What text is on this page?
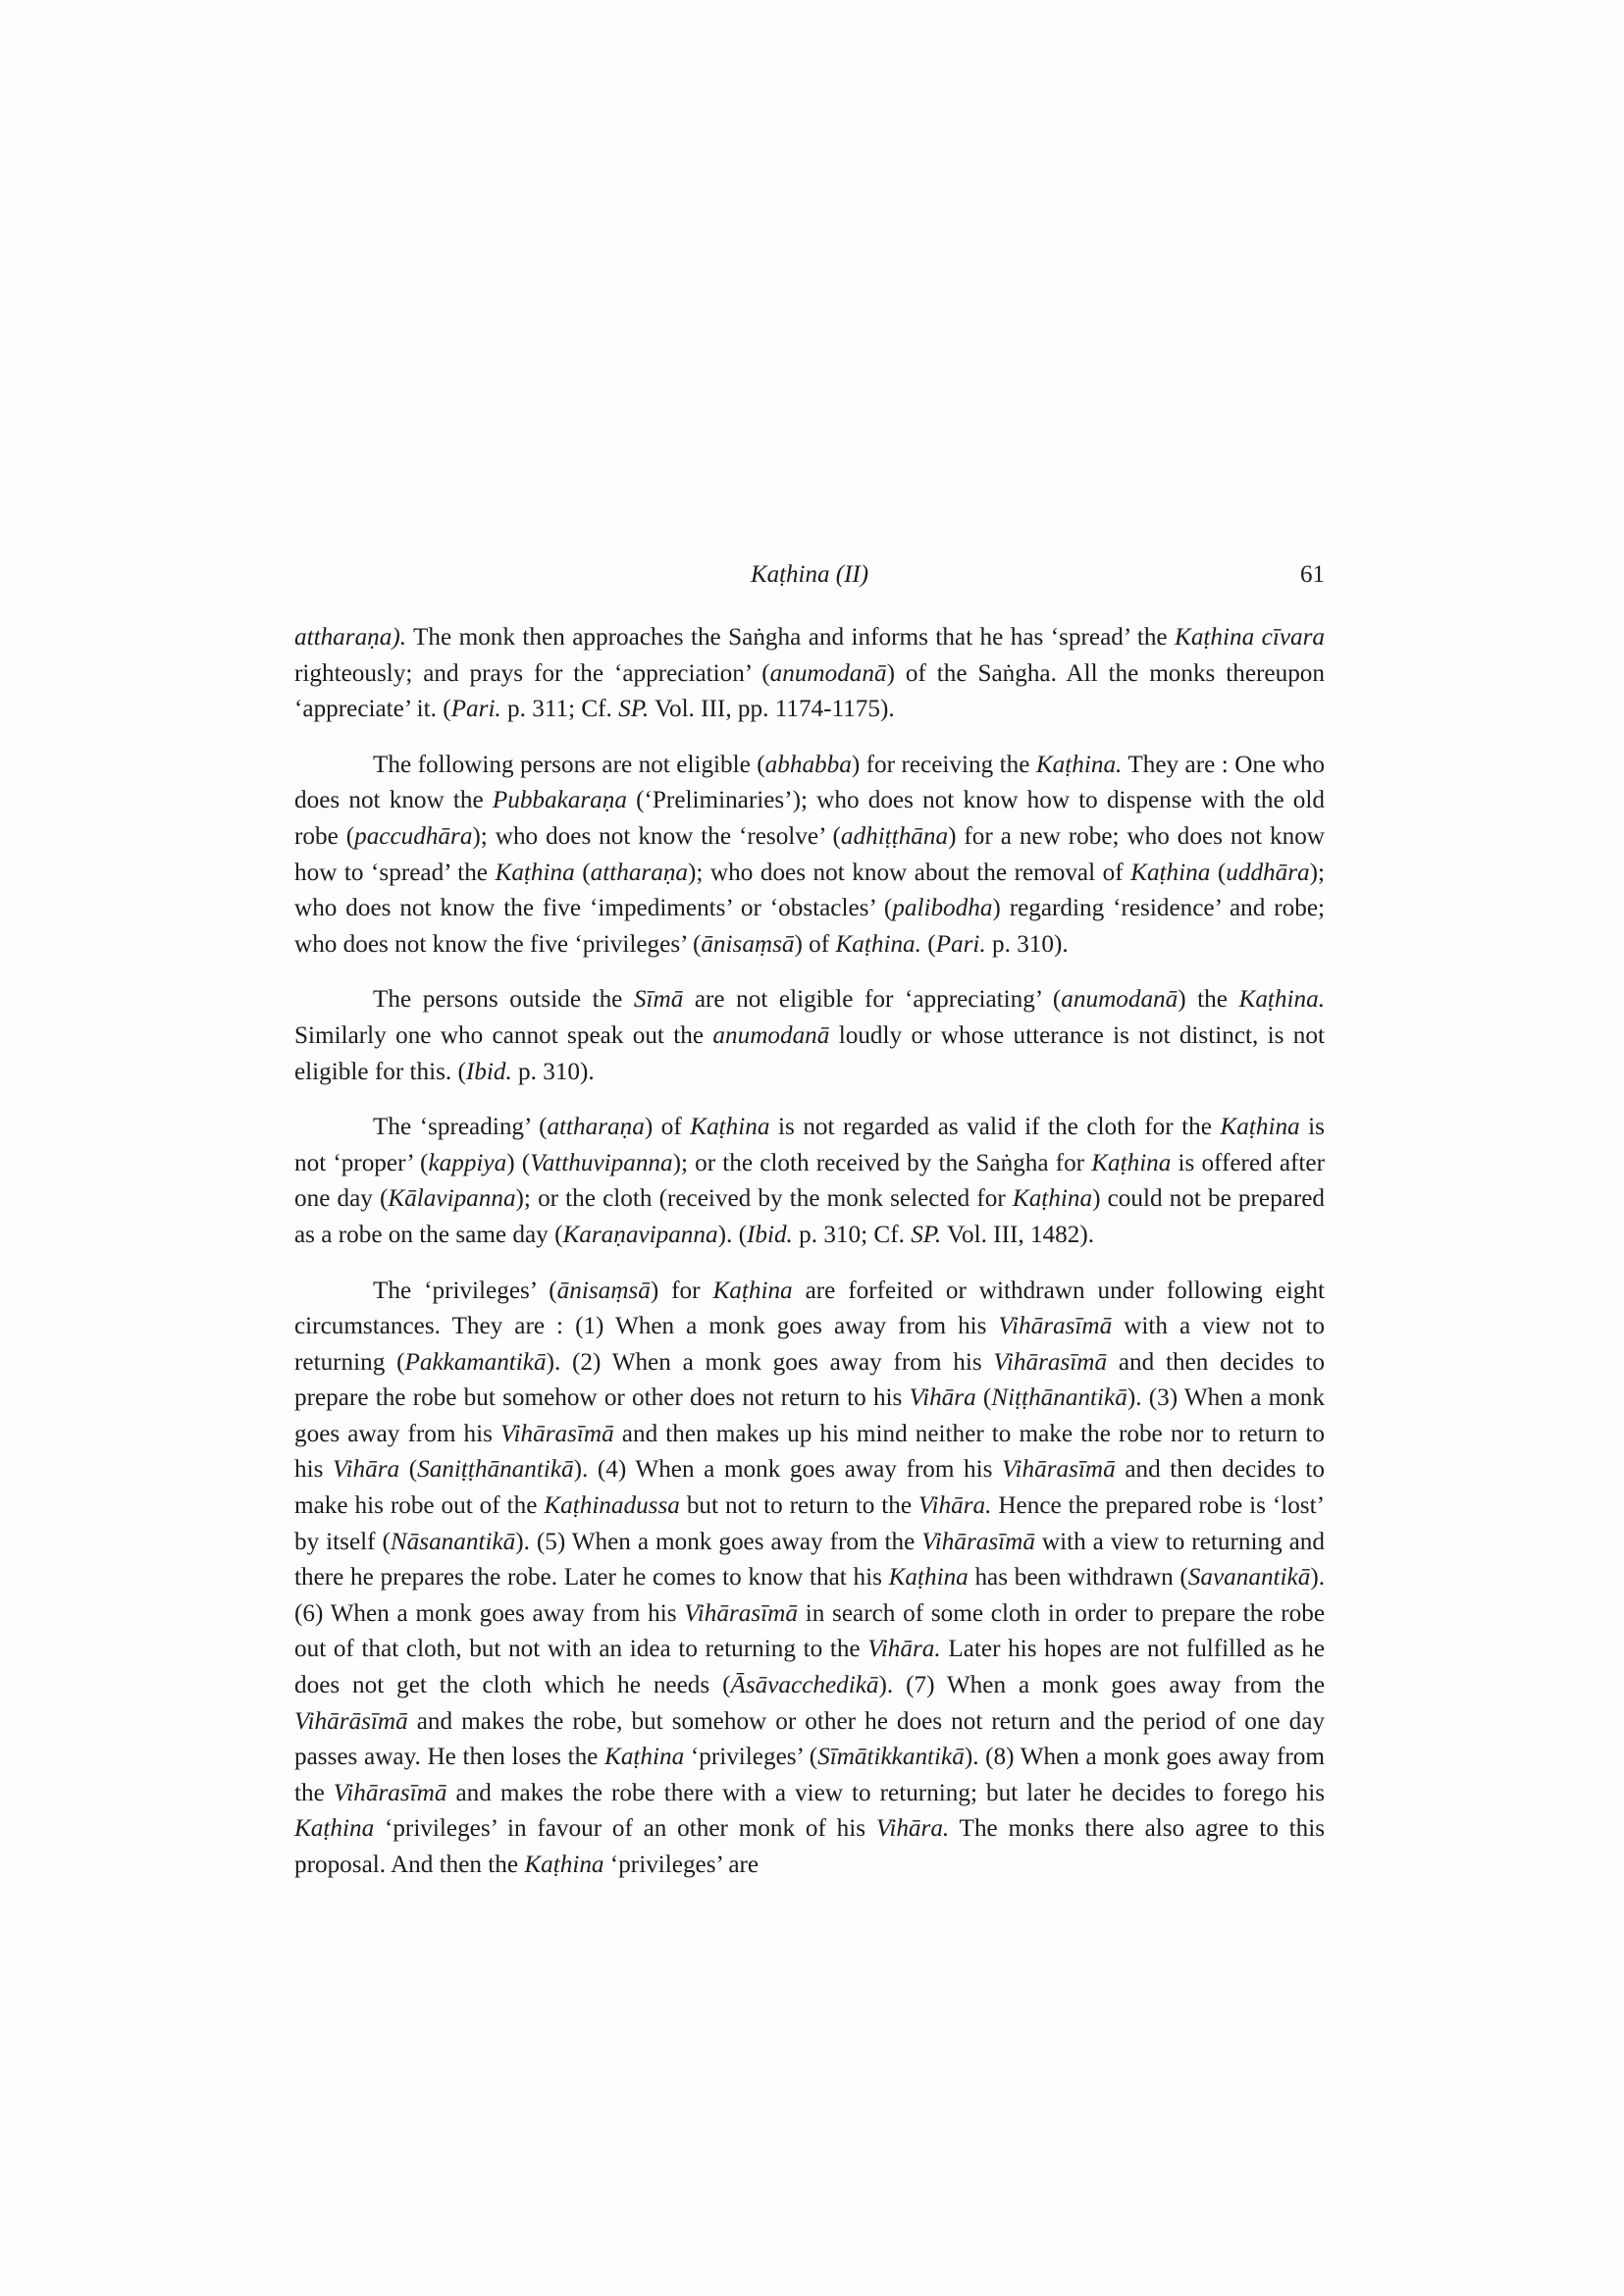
Kaṭhina (II)	61

attharaṇa). The monk then approaches the Saṅgha and informs that he has ‘spread’ the Kaṭhina cīvara righteously; and prays for the ‘appreciation’ (anumodanā) of the Saṅgha. All the monks thereupon ‘appreciate’ it. (Pari. p. 311; Cf. SP. Vol. III, pp. 1174-1175).

The following persons are not eligible (abhabba) for receiving the Kaṭhina. They are : One who does not know the Pubbakaraṇa (‘Preliminaries’); who does not know how to dispense with the old robe (paccudhāra); who does not know the ‘resolve’ (adhiṭṭhāna) for a new robe; who does not know how to ‘spread’ the Kaṭhina (attharaṇa); who does not know about the removal of Kaṭhina (uddhāra); who does not know the five ‘impediments’ or ‘obstacles’ (palibodha) regarding ‘residence’ and robe; who does not know the five ‘privileges’ (ānisaṃsā) of Kaṭhina. (Pari. p. 310).

The persons outside the Sīmā are not eligible for ‘appreciating’ (anumodanā) the Kaṭhina. Similarly one who cannot speak out the anumodanā loudly or whose utterance is not distinct, is not eligible for this. (Ibid. p. 310).

The ‘spreading’ (attharaṇa) of Kaṭhina is not regarded as valid if the cloth for the Kaṭhina is not ‘proper’ (kappiya) (Vatthuvipanna); or the cloth received by the Saṅgha for Kaṭhina is offered after one day (Kālavipanna); or the cloth (received by the monk selected for Kaṭhina) could not be prepared as a robe on the same day (Karaṇavipanna). (Ibid. p. 310; Cf. SP. Vol. III, 1482).

The ‘privileges’ (ānisaṃsā) for Kaṭhina are forfeited or withdrawn under following eight circumstances. They are : (1) When a monk goes away from his Vihārasīmā with a view not to returning (Pakkamantikā). (2) When a monk goes away from his Vihārasīmā and then decides to prepare the robe but somehow or other does not return to his Vihāra (Niṭṭhānantikā). (3) When a monk goes away from his Vihārasīmā and then makes up his mind neither to make the robe nor to return to his Vihāra (Saniṭṭhānantikā). (4) When a monk goes away from his Vihārasīmā and then decides to make his robe out of the Kaṭhinadussa but not to return to the Vihāra. Hence the prepared robe is ‘lost’ by itself (Nāsanantikā). (5) When a monk goes away from the Vihārasīmā with a view to returning and there he prepares the robe. Later he comes to know that his Kaṭhina has been withdrawn (Savanantikā). (6) When a monk goes away from his Vihārasīmā in search of some cloth in order to prepare the robe out of that cloth, but not with an idea to returning to the Vihāra. Later his hopes are not fulfilled as he does not get the cloth which he needs (Āsāvacchedikā). (7) When a monk goes away from the Vihārāsīmā and makes the robe, but somehow or other he does not return and the period of one day passes away. He then loses the Kaṭhina ‘privileges’ (Sīmātikkantikā). (8) When a monk goes away from the Vihārasīmā and makes the robe there with a view to returning; but later he decides to forego his Kaṭhina ‘privileges’ in favour of an other monk of his Vihāra. The monks there also agree to this proposal. And then the Kaṭhina ‘privileges’ are
